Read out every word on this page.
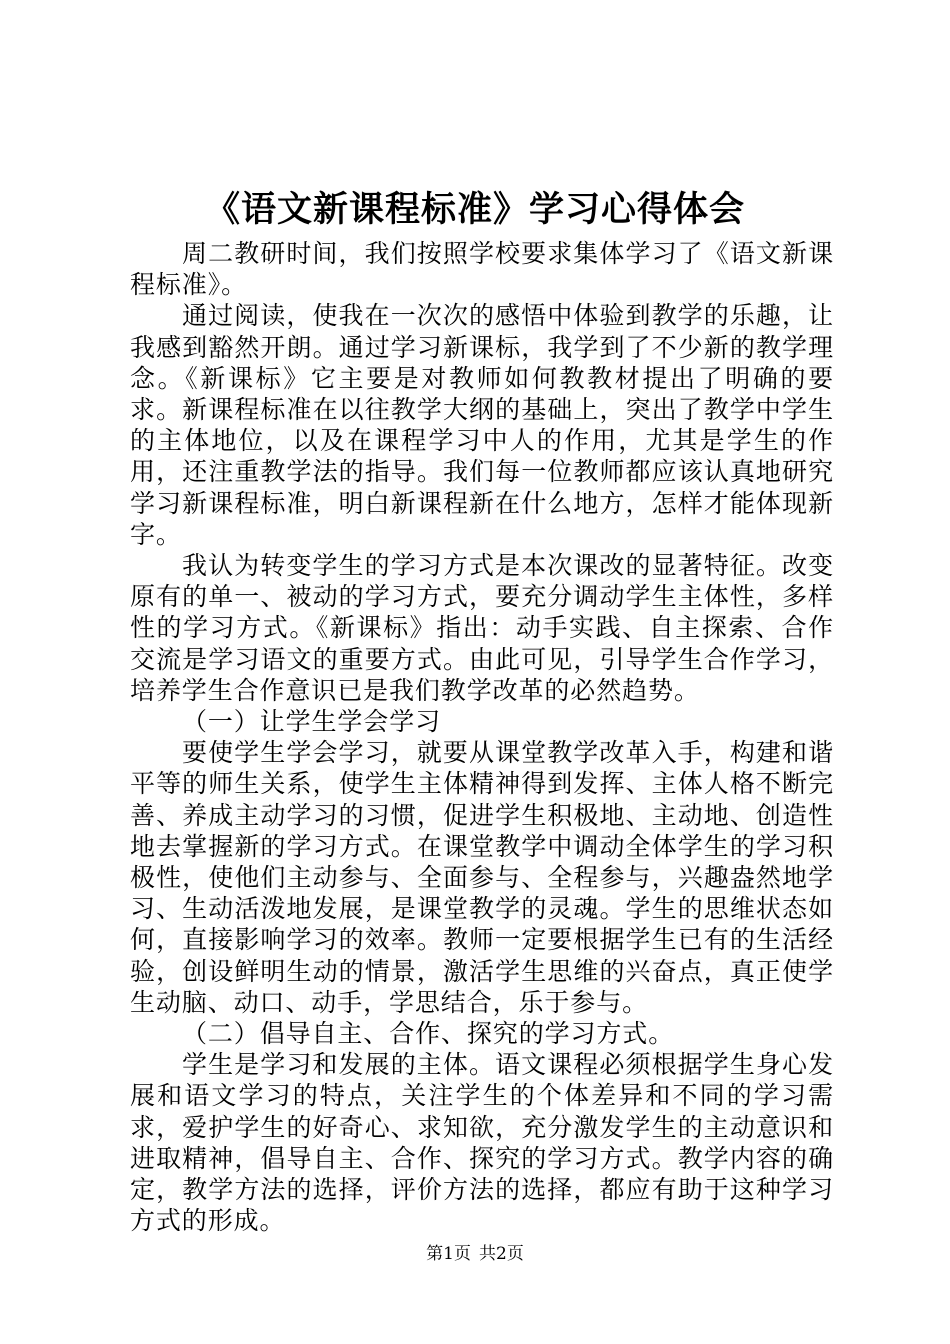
《语文新课程标准》学习心得体会

周二教研时间，我们按照学校要求集体学习了《语文新课程标准》。

通过阅读，使我在一次次的感悟中体验到教学的乐趣，让我感到豁然开朗。通过学习新课标，我学到了不少新的教学理念。《新课标》它主要是对教师如何教教材提出了明确的要求。新课程标准在以往教学大纲的基础上，突出了教学中学生的主体地位，以及在课程学习中人的作用，尤其是学生的作用，还注重教学法的指导。我们每一位教师都应该认真地研究学习新课程标准，明白新课程新在什么地方，怎样才能体现新字。

我认为转变学生的学习方式是本次课改的显著特征。改变原有的单一、被动的学习方式，要充分调动学生主体性，多样性的学习方式。《新课标》指出：动手实践、自主探索、合作交流是学习语文的重要方式。由此可见，引导学生合作学习，培养学生合作意识已是我们教学改革的必然趋势。

（一）让学生学会学习

要使学生学会学习，就要从课堂教学改革入手，构建和谐平等的师生关系，使学生主体精神得到发挥、主体人格不断完善、养成主动学习的习惯，促进学生积极地、主动地、创造性地去掌握新的学习方式。在课堂教学中调动全体学生的学习积极性，使他们主动参与、全面参与、全程参与，兴趣盎然地学习、生动活泼地发展，是课堂教学的灵魂。学生的思维状态如何，直接影响学习的效率。教师一定要根据学生已有的生活经验，创设鲜明生动的情景，激活学生思维的兴奋点，真正使学生动脑、动口、动手，学思结合，乐于参与。

（二）倡导自主、合作、探究的学习方式。

学生是学习和发展的主体。语文课程必须根据学生身心发展和语文学习的特点，关注学生的个体差异和不同的学习需求，爱护学生的好奇心、求知欲，充分激发学生的主动意识和进取精神，倡导自主、合作、探究的学习方式。教学内容的确定，教学方法的选择，评价方法的选择，都应有助于这种学习方式的形成。

第1页 共2页
